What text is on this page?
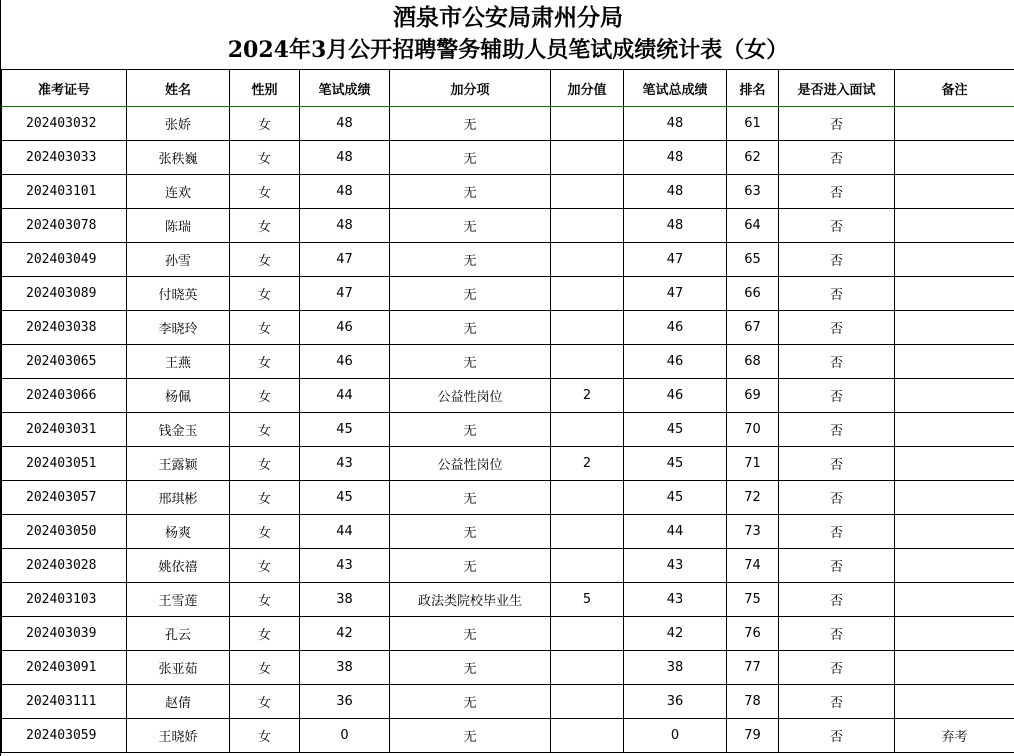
酒泉市公安局肃州分局
2024年3月公开招聘警务辅助人员笔试成绩统计表（女）
准考证号	姓名	性别	笔试成绩	加分项	加分值	笔试总成绩	排名	是否进入面试	备注
202403032	张娇	女	48	无		48	61	否	
202403033	张秩巍	女	48	无		48	62	否	
202403101	连欢	女	48	无		48	63	否	
202403078	陈瑞	女	48	无		48	64	否	
202403049	孙雪	女	47	无		47	65	否	
202403089	付晓英	女	47	无		47	66	否	
202403038	李晓玲	女	46	无		46	67	否	
202403065	王燕	女	46	无		46	68	否	
202403066	杨佩	女	44	公益性岗位	2	46	69	否	
202403031	钱金玉	女	45	无		45	70	否	
202403051	王露颖	女	43	公益性岗位	2	45	71	否	
202403057	邢琪彬	女	45	无		45	72	否	
202403050	杨爽	女	44	无		44	73	否	
202403028	姚依禧	女	43	无		43	74	否	
202403103	王雪莲	女	38	政法类院校毕业生	5	43	75	否	
202403039	孔云	女	42	无		42	76	否	
202403091	张亚茹	女	38	无		38	77	否	
202403111	赵倩	女	36	无		36	78	否	
202403059	王晓娇	女	0	无		0	79	否	弃考
